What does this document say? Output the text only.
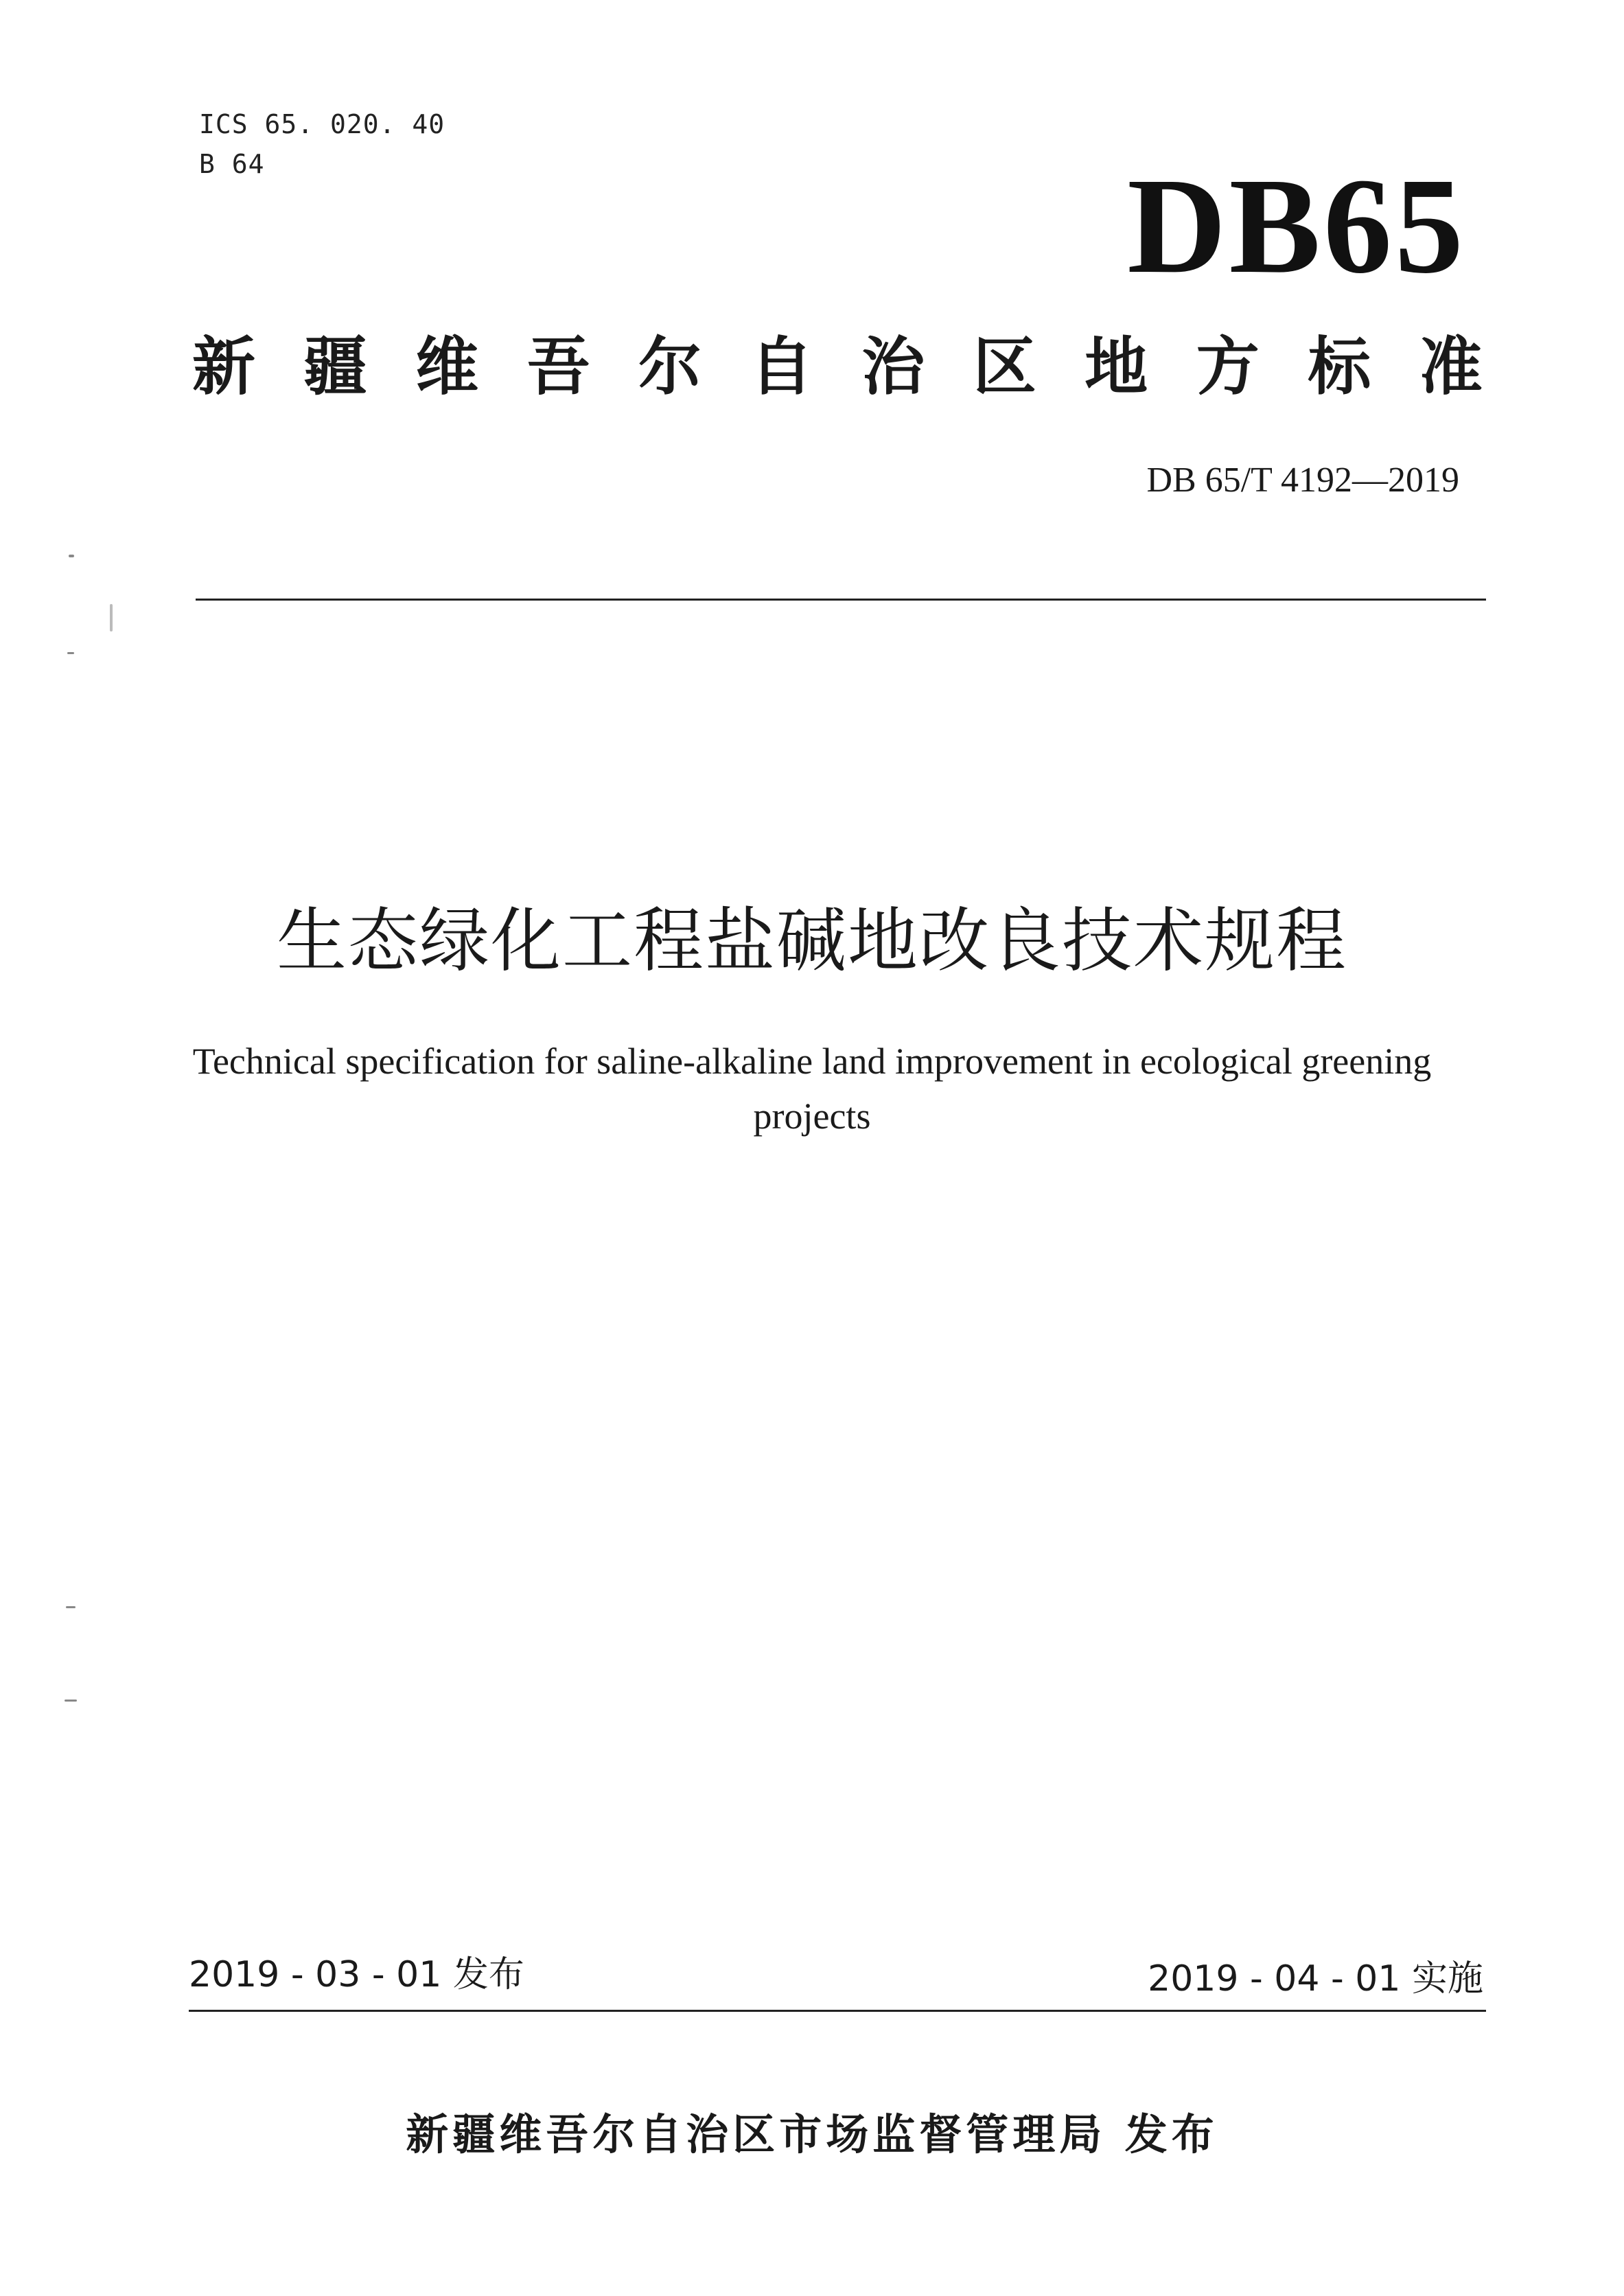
ICS 65. 020. 40
B 64	DB65
新 疆 维 吾 尔 自 治 区 地 方 标 准
DB 65/T 4192—2019
生态绿化工程盐碱地改良技术规程
Technical specification for saline-alkaline land improvement in ecological greening projects
2019 - 03 - 01 发布	2019 - 04 - 01 实施
新疆维吾尔自治区市场监督管理局 发布
